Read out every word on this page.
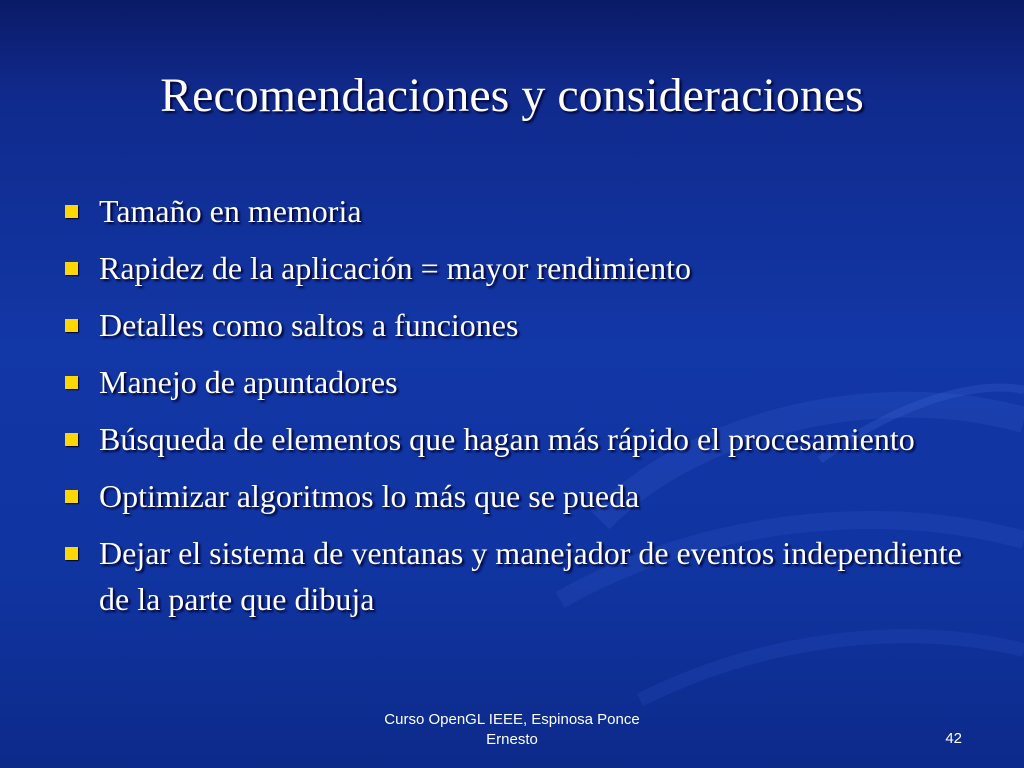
Recomendaciones y consideraciones
Tamaño en memoria
Rapidez de la aplicación = mayor rendimiento
Detalles como saltos a funciones
Manejo de apuntadores
Búsqueda de elementos que hagan más rápido el procesamiento
Optimizar algoritmos lo más que se pueda
Dejar el sistema de ventanas y manejador de eventos independiente de la parte que dibuja
Curso OpenGL IEEE, Espinosa Ponce
Ernesto	42
